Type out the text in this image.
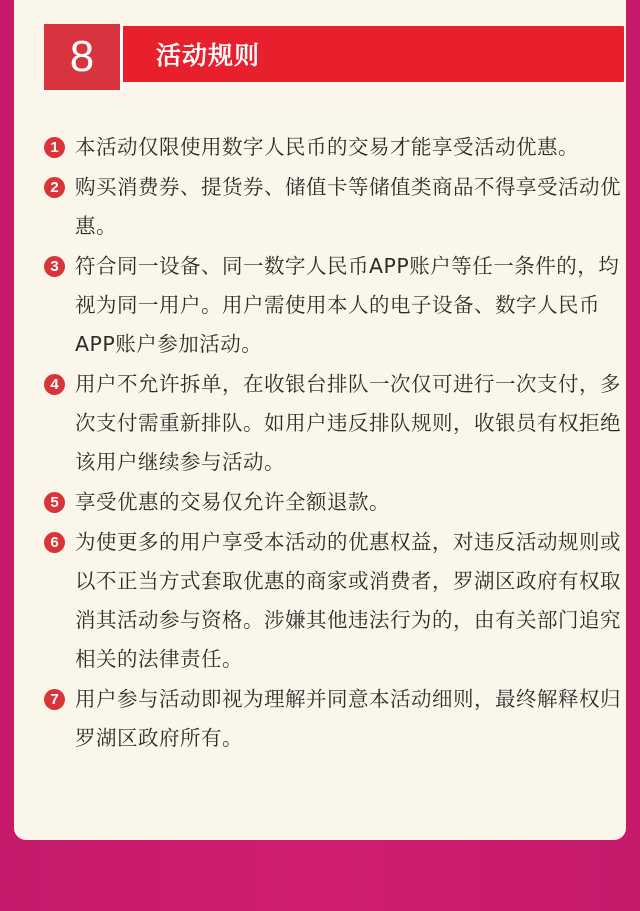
活动规则
8
1 本活动仅限使用数字人民币的交易才能享受活动优惠。
2 购买消费券、提货券、储值卡等储值类商品不得享受活动优惠。
3 符合同一设备、同一数字人民币APP账户等任一条件的，均视为同一用户。用户需使用本人的电子设备、数字人民币APP账户参加活动。
4 用户不允许拆单，在收银台排队一次仅可进行一次支付，多次支付需重新排队。如用户违反排队规则，收银员有权拒绝该用户继续参与活动。
5 享受优惠的交易仅允许全额退款。
6 为使更多的用户享受本活动的优惠权益，对违反活动规则或以不正当方式套取优惠的商家或消费者，罗湖区政府有权取消其活动参与资格。涉嫌其他违法行为的，由有关部门追究相关的法律责任。
7 用户参与活动即视为理解并同意本活动细则，最终解释权归罗湖区政府所有。
